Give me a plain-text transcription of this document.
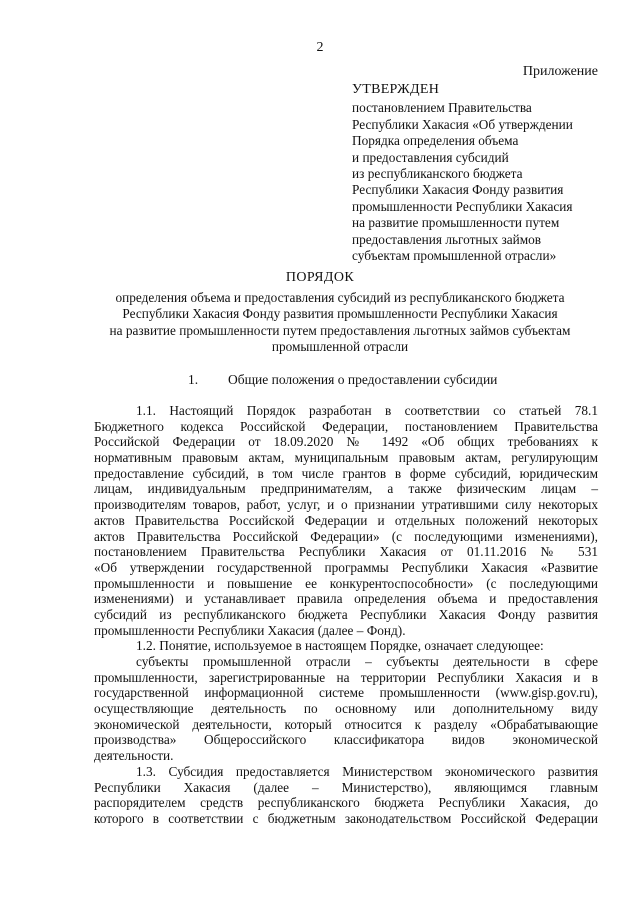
2
Приложение
УТВЕРЖДЕН
постановлением Правительства
Республики Хакасия «Об утверждении
Порядка определения объема
и предоставления субсидий
из республиканского бюджета
Республики Хакасия Фонду развития
промышленности Республики Хакасия
на развитие промышленности путем
предоставления льготных займов
субъектам промышленной отрасли»
ПОРЯДОК
определения объема и предоставления субсидий из республиканского бюджета
Республики Хакасия Фонду развития промышленности Республики Хакасия
на развитие промышленности путем предоставления льготных займов субъектам
промышленной отрасли
1. Общие положения о предоставлении субсидии
1.1. Настоящий Порядок разработан в соответствии со статьей 78.1
Бюджетного кодекса Российской Федерации, постановлением Правительства
Российской Федерации от 18.09.2020 № 1492 «Об общих требованиях к
нормативным правовым актам, муниципальным правовым актам, регулирующим
предоставление субсидий, в том числе грантов в форме субсидий, юридическим
лицам, индивидуальным предпринимателям, а также физическим лицам –
производителям товаров, работ, услуг, и о признании утратившими силу некоторых
актов Правительства Российской Федерации и отдельных положений некоторых
актов Правительства Российской Федерации» (с последующими изменениями),
постановлением Правительства Республики Хакасия от 01.11.2016 № 531
«Об утверждении государственной программы Республики Хакасия «Развитие
промышленности и повышение ее конкурентоспособности» (с последующими
изменениями) и устанавливает правила определения объема и предоставления
субсидий из республиканского бюджета Республики Хакасия Фонду развития
промышленности Республики Хакасия (далее – Фонд).
1.2. Понятие, используемое в настоящем Порядке, означает следующее:
субъекты промышленной отрасли – субъекты деятельности в сфере
промышленности, зарегистрированные на территории Республики Хакасия и в
государственной информационной системе промышленности (www.gisp.gov.ru),
осуществляющие деятельность по основному или дополнительному виду
экономической деятельности, который относится к разделу «Обрабатывающие
производства» Общероссийского классификатора видов экономической
деятельности.
1.3. Субсидия предоставляется Министерством экономического развития
Республики Хакасия (далее – Министерство), являющимся главным
распорядителем средств республиканского бюджета Республики Хакасия, до
которого в соответствии с бюджетным законодательством Российской Федерации
